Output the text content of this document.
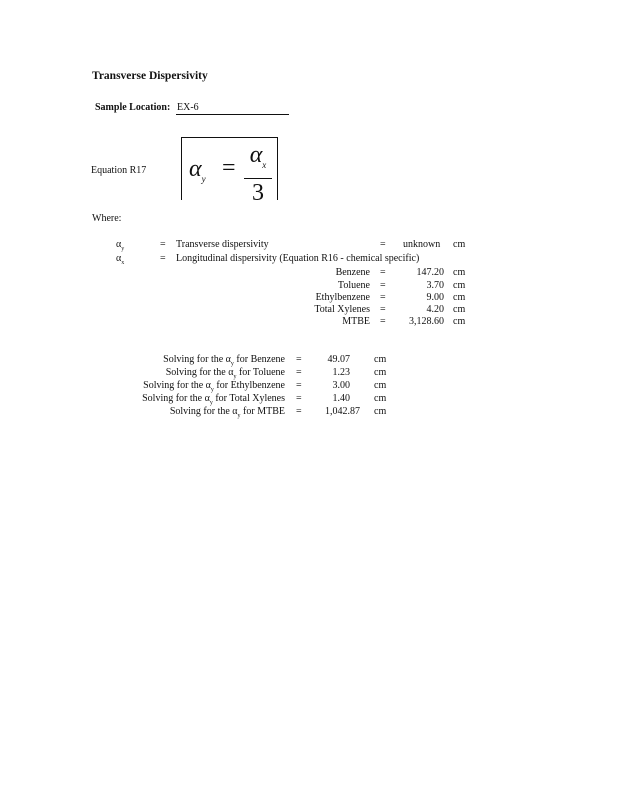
Transverse Dispersivity
Sample Location: EX-6
Equation R17 $\alpha_y = \alpha_x$
3
Where:
$\alpha_y$	= Transverse dispersivity	= unknown cm
$\alpha_x$	= Longitudinal dispersivity (Equation R16 - chemical specific)
Benzene =	147.20 cm
Toluene =	3.70 cm
Ethylbenzene =	9.00 cm
Total Xylenes =	4.20 cm
MTBE =	3,128.60 cm
Solving for the $\alpha_y$ for Benzene =	49.07 cm
Solving for the $\alpha_y$ for Toluene =	1.23 cm
Solving for the $\alpha_y$ for Ethylbenzene =	3.00 cm
Solving for the $\alpha_y$ for Total Xylenes =	1.40 cm
Solving for the $\alpha_y$ for MTBE =	1,042.87 cm
